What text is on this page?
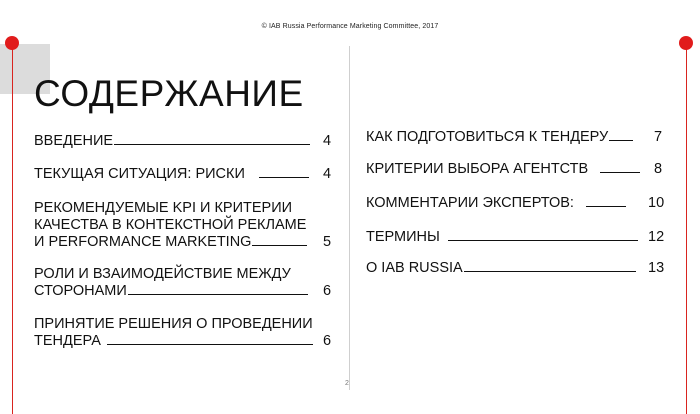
© IAB Russia Performance Marketing Committee, 2017
СОДЕРЖАНИЕ
ВВЕДЕНИЕ	4
ТЕКУЩАЯ СИТУАЦИЯ: РИСКИ	4
РЕКОМЕНДУЕМЫЕ KPI И КРИТЕРИИ
КАЧЕСТВА В КОНТЕКСТНОЙ РЕКЛАМЕ
И PERFORMANCE MARKETING	5
РОЛИ И ВЗАИМОДЕЙСТВИЕ МЕЖДУ
СТОРОНАМИ	6
ПРИНЯТИЕ РЕШЕНИЯ О ПРОВЕДЕНИИ
ТЕНДЕРА	6
КАК ПОДГОТОВИТЬСЯ К ТЕНДЕРУ	7
КРИТЕРИИ ВЫБОРА АГЕНТСТВ	8
КОММЕНТАРИИ ЭКСПЕРТОВ:	10
ТЕРМИНЫ	12
О IAB RUSSIA	13
2
